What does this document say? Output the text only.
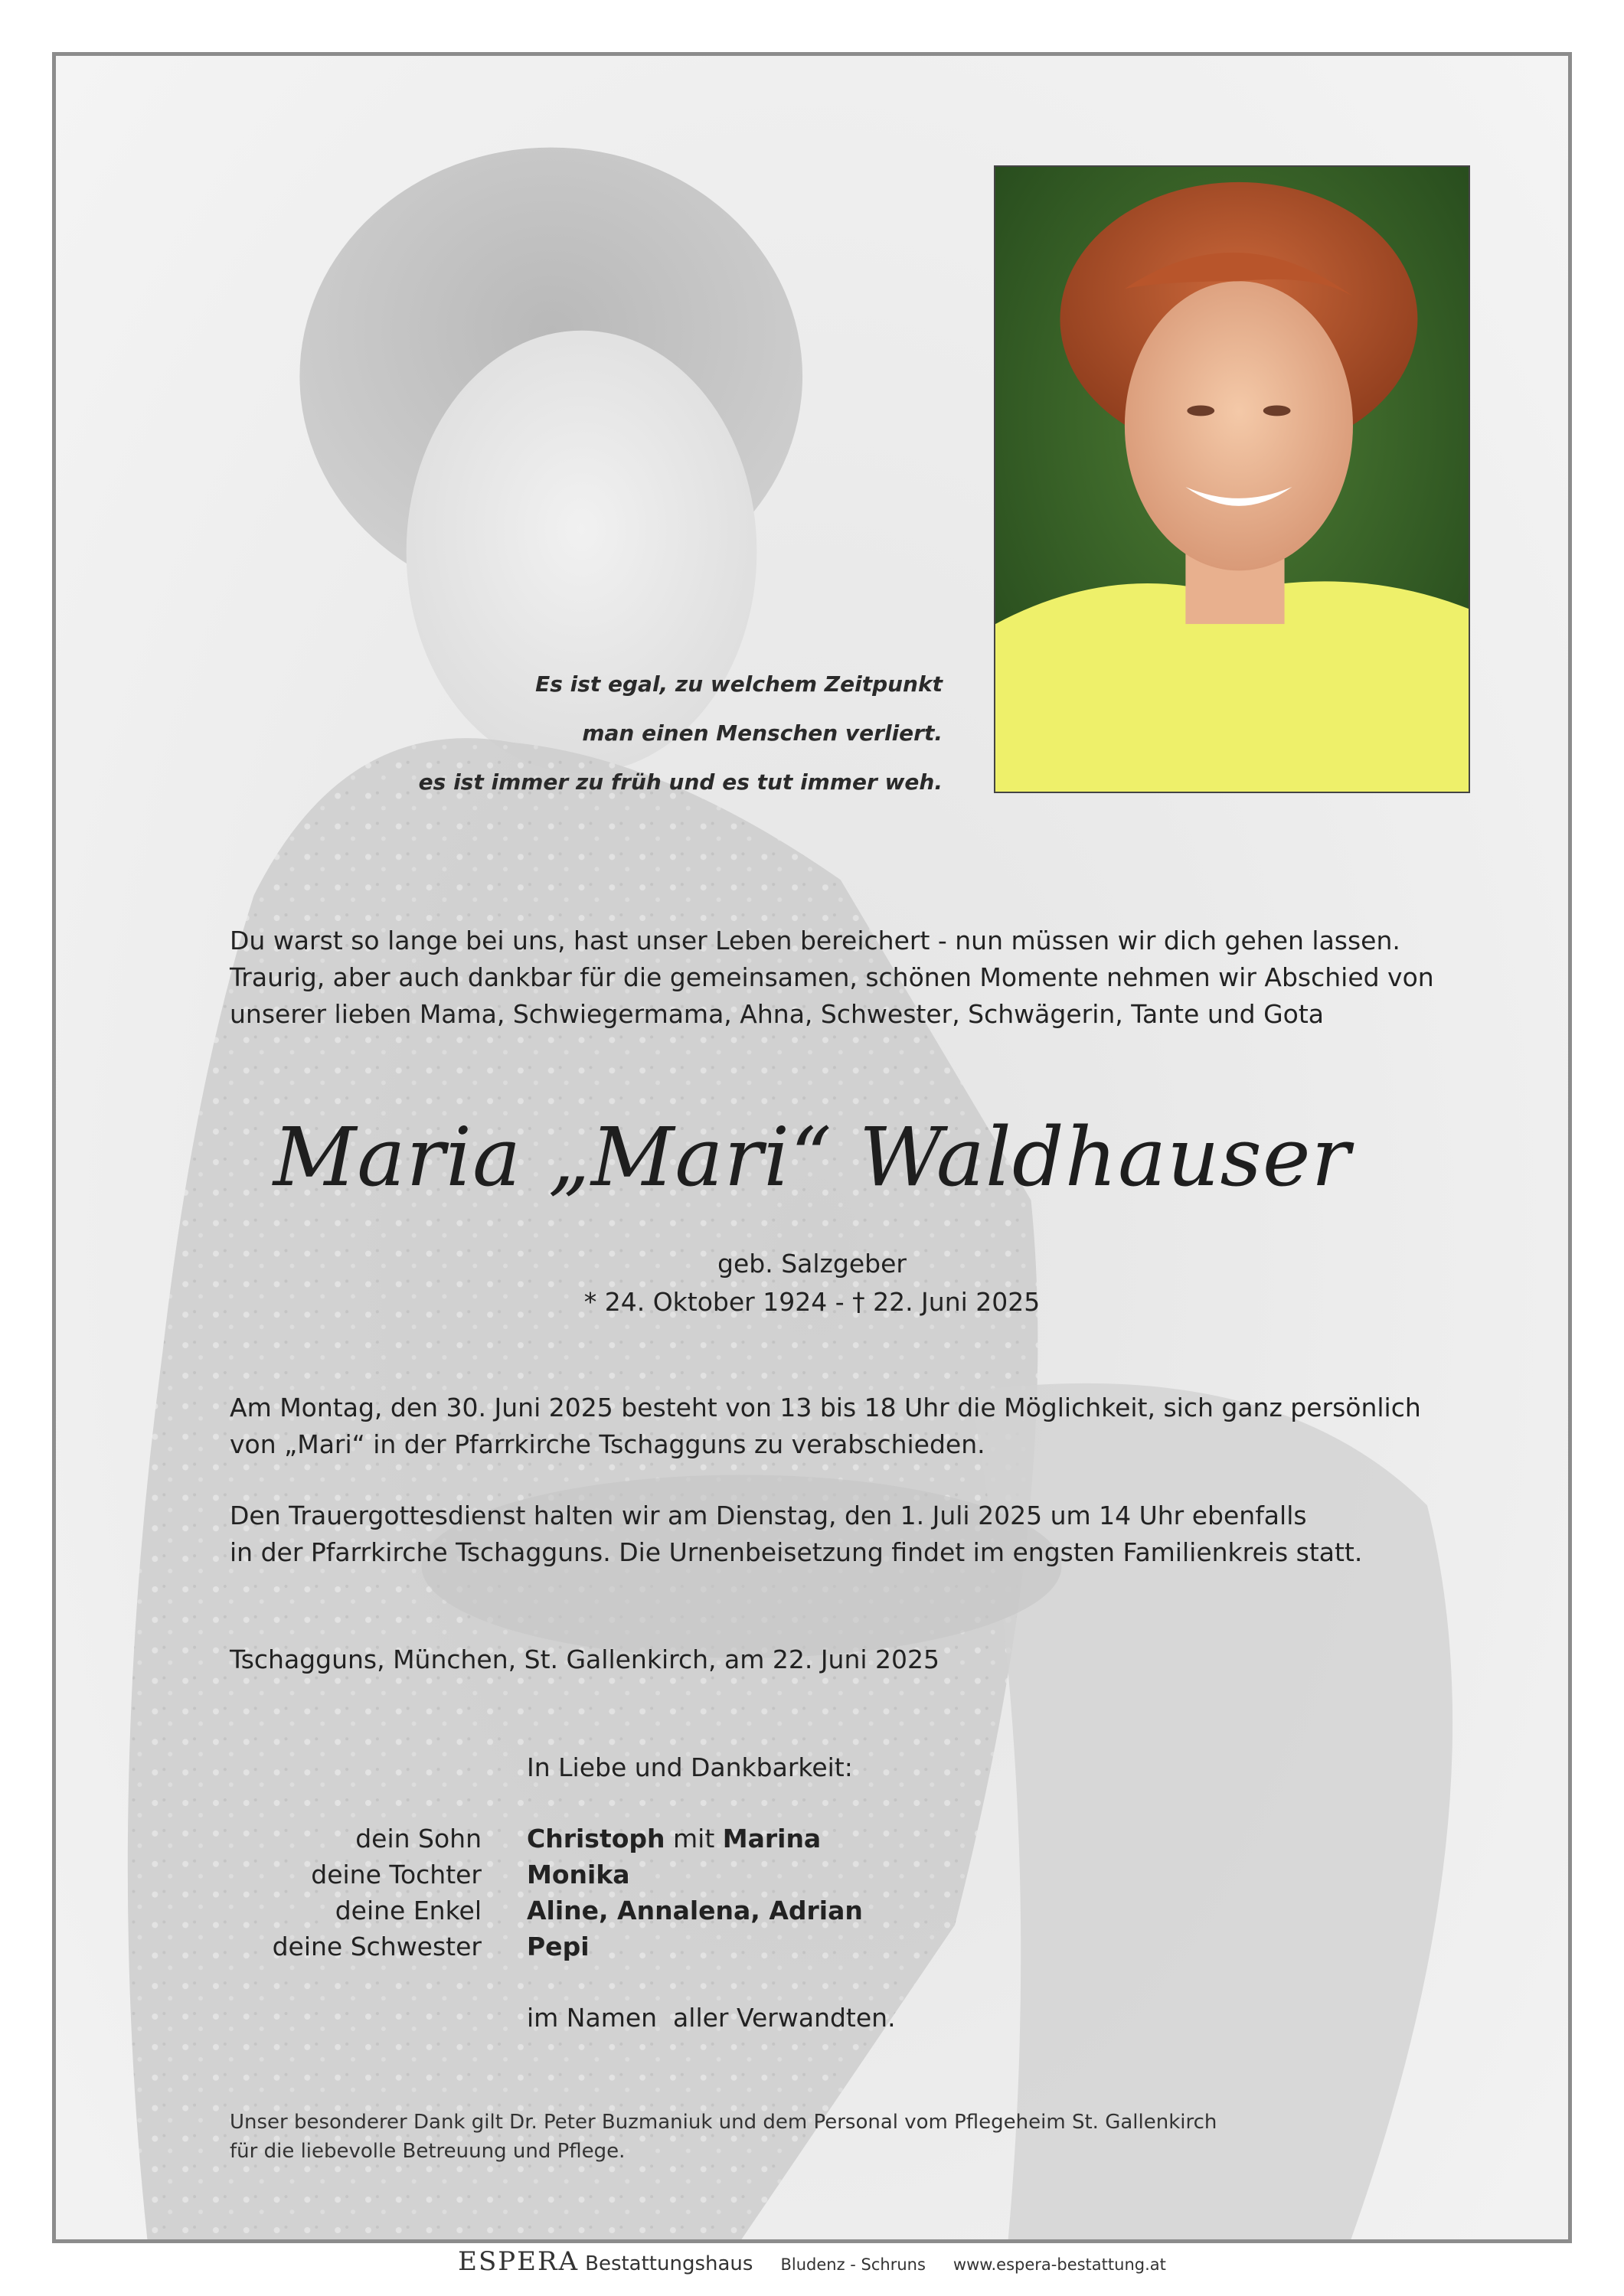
Es ist egal, zu welchem Zeitpunkt
man einen Menschen verliert.
es ist immer zu früh und es tut immer weh.
Du warst so lange bei uns, hast unser Leben bereichert - nun müssen wir dich gehen lassen.
Traurig, aber auch dankbar für die gemeinsamen, schönen Momente nehmen wir Abschied von
unserer lieben Mama, Schwiegermama, Ahna, Schwester, Schwägerin, Tante und Gota
Maria „Mari“ Waldhauser
geb. Salzgeber
* 24. Oktober 1924 - † 22. Juni 2025
Am Montag, den 30. Juni 2025 besteht von 13 bis 18 Uhr die Möglichkeit, sich ganz persönlich
von „Mari“ in der Pfarrkirche Tschagguns zu verabschieden.
Den Trauergottesdienst halten wir am Dienstag, den 1. Juli 2025 um 14 Uhr ebenfalls
in der Pfarrkirche Tschagguns. Die Urnenbeisetzung findet im engsten Familienkreis statt.
Tschagguns, München, St. Gallenkirch, am 22. Juni 2025
In Liebe und Dankbarkeit:
dein Sohn
deine Tochter
deine Enkel
deine Schwester
Christoph mit Marina
Monika
Aline, Annalena, Adrian
Pepi
im Namen  aller Verwandten.
Unser besonderer Dank gilt Dr. Peter Buzmaniuk und dem Personal vom Pflegeheim St. Gallenkirch
für die liebevolle Betreuung und Pflege.
ESPERA Bestattungshaus Bludenz - Schruns www.espera-bestattung.at
